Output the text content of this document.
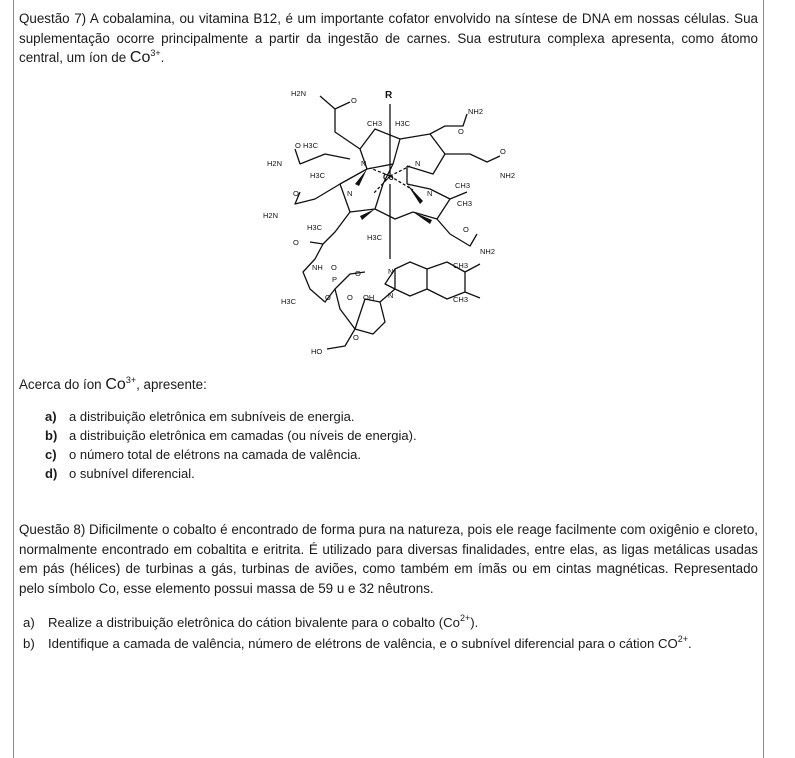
Questão 7) A cobalamina, ou vitamina B12, é um importante cofator envolvido na síntese de DNA em nossas células. Sua suplementação ocorre principalmente a partir da ingestão de carnes. Sua estrutura complexa apresenta, como átomo central, um íon de $Co^{3+}$.

H2N
O	R
CH3 H3C
NH2
O
O H3C
H2N
H3C
N	N
Co
N	N
O
NH2
CH3
CH3
O
H2N
H3C
H3C
O
NH2
O
NH O
P
O	N
CH3
H3C	O O OH N	CH3
O
HO
Acerca do íon $Co^{3+}$, apresente:
a) a distribuição eletrônica em subníveis de energia.
b) a distribuição eletrônica em camadas (ou níveis de energia).
c) o número total de elétrons na camada de valência.
d) o subnível diferencial.

Questão 8) Dificilmente o cobalto é encontrado de forma pura na natureza, pois ele reage facilmente com oxigênio e cloreto, normalmente encontrado em cobaltita e eritrita. É utilizado para diversas finalidades, entre elas, as ligas metálicas usadas em pás (hélices) de turbinas a gás, turbinas de aviões, como também em ímãs ou em cintas magnéticas. Representado pelo símbolo Co, esse elemento possui massa de 59 u e 32 nêutrons.

a)	Realize a distribuição eletrônica do cátion bivalente para o cobalto $(Co^{2+})$.
b)	Identifique a camada de valência, número de elétrons de valência, e o subnível diferencial para o cátion $CO^{2+}$.
